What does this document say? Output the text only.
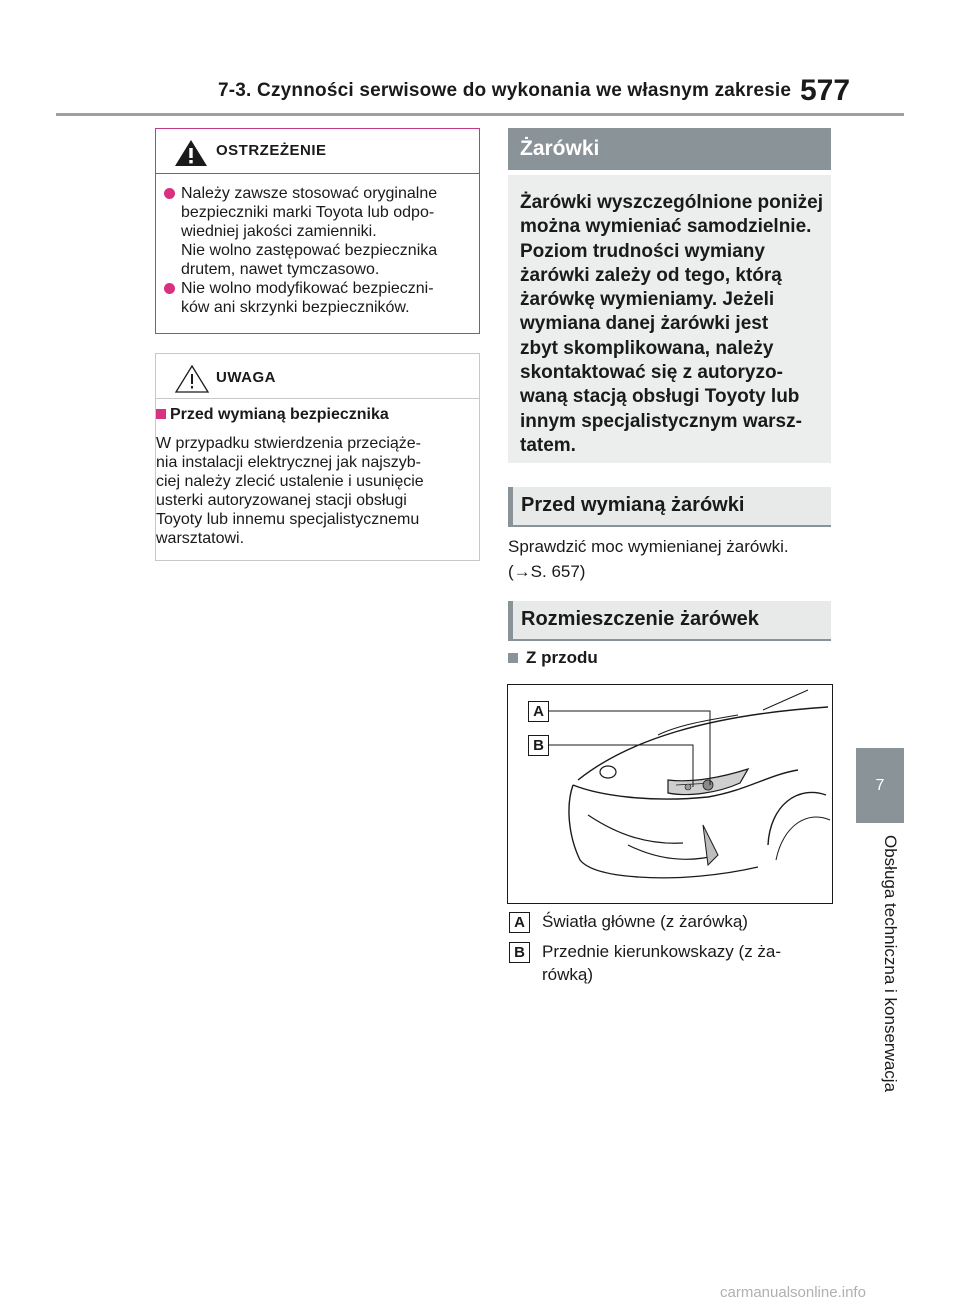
7-3. Czynności serwisowe do wykonania we własnym zakresie 577
7
Obsługa techniczna i konserwacja
OSTRZEŻENIE
Należy zawsze stosować oryginalne
bezpieczniki marki Toyota lub odpo-
wiedniej jakości zamienniki.
Nie wolno zastępować bezpiecznika
drutem, nawet tymczasowo.
Nie wolno modyfikować bezpieczni-
ków ani skrzynki bezpieczników.
UWAGA
Przed wymianą bezpiecznika
W przypadku stwierdzenia przeciąże-
nia instalacji elektrycznej jak najszyb-
ciej należy zlecić ustalenie i usunięcie
usterki autoryzowanej stacji obsługi
Toyoty lub innemu specjalistycznemu
warsztatowi.
Żarówki
Żarówki wyszczególnione poniżej
można wymieniać samodzielnie.
Poziom trudności wymiany
żarówki zależy od tego, którą
żarówkę wymieniamy. Jeżeli
wymiana danej żarówki jest
zbyt skomplikowana, należy
skontaktować się z autoryzo-
waną stacją obsługi Toyoty lub
innym specjalistycznym warsz-
tatem.
Przed wymianą żarówki
Sprawdzić moc wymienianej żarówki.
(→S. 657)
Rozmieszczenie żarówek
Z przodu
A
B
A Światła główne (z żarówką)
B Przednie kierunkowskazy (z ża-
rówką)
carmanualsonline.info
